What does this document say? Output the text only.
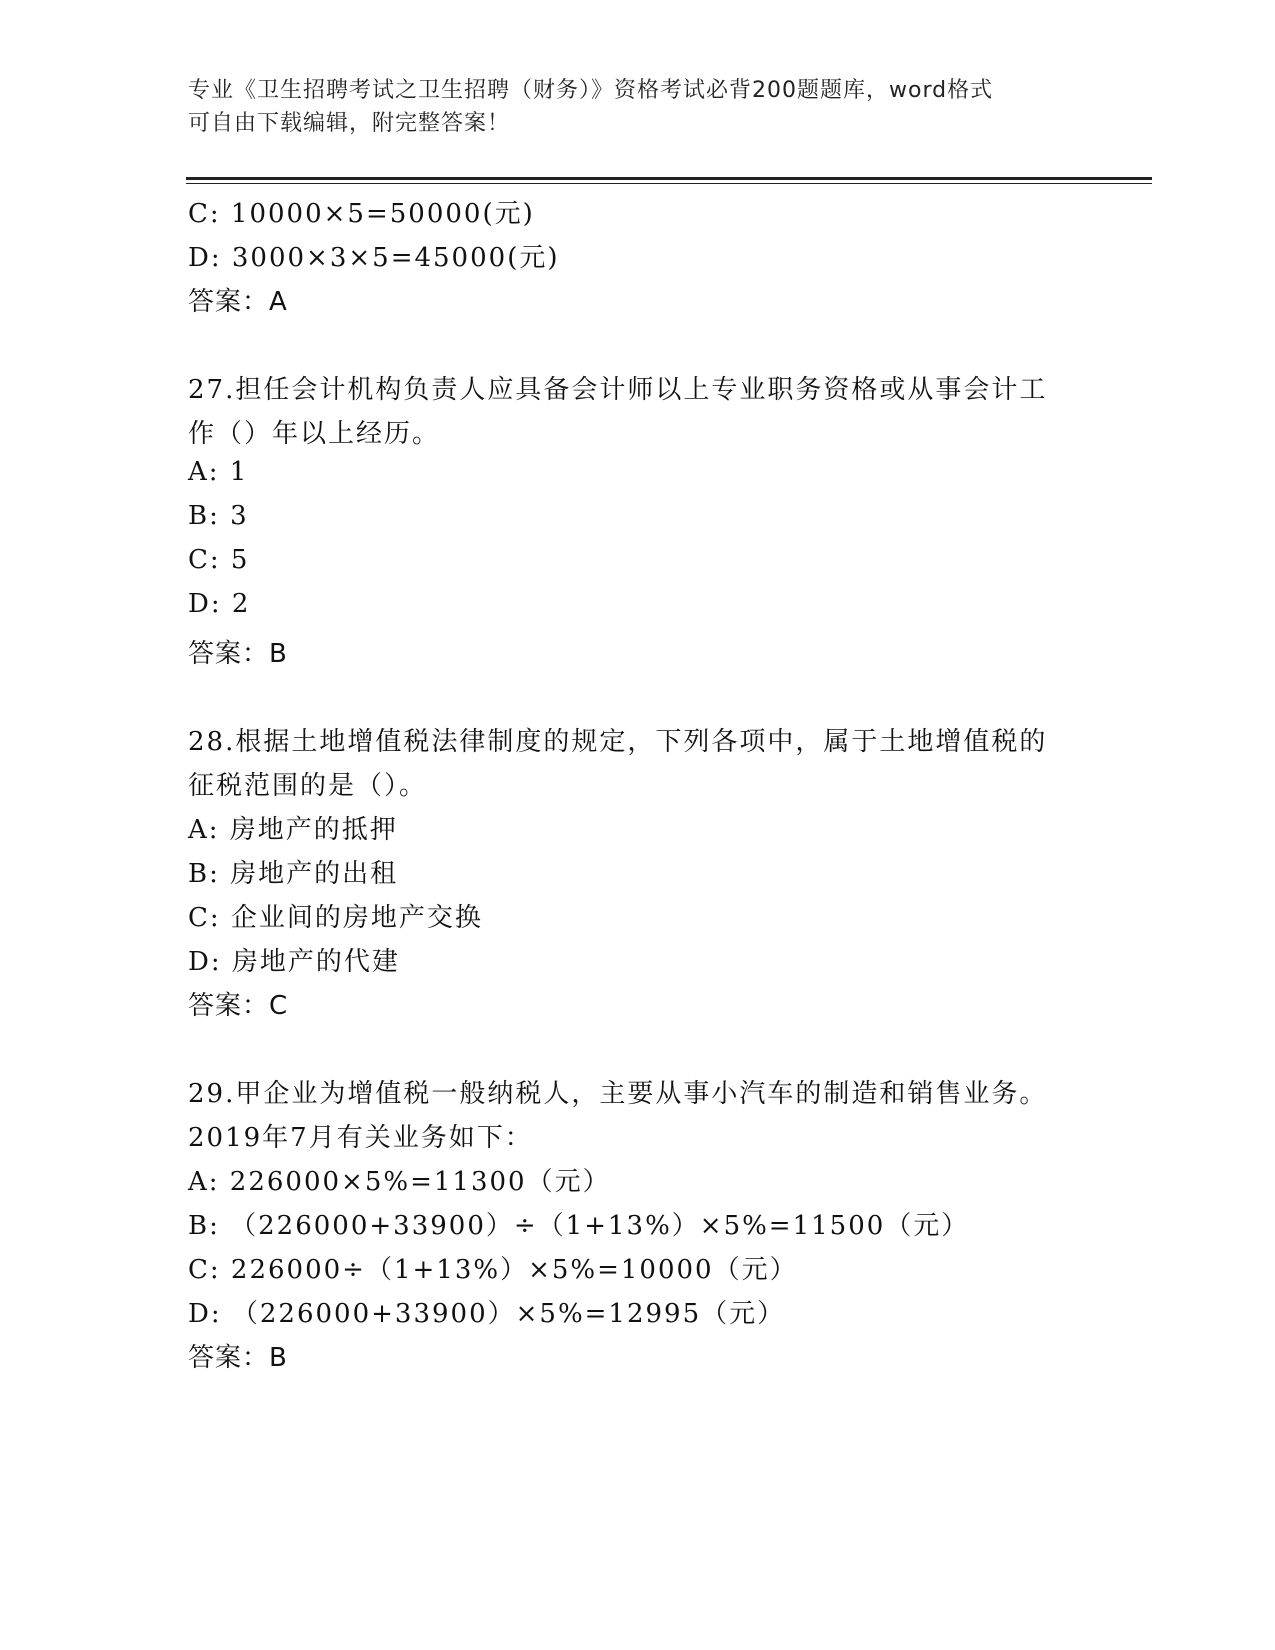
专业《卫生招聘考试之卫生招聘（财务）》资格考试必背200题题库，word格式
可自由下载编辑，附完整答案！
C: 10000×5=50000(元)
D: 3000×3×5=45000(元)
答案：A
27.担任会计机构负责人应具备会计师以上专业职务资格或从事会计工
作（）年以上经历。
A: 1
B: 3
C: 5
D: 2
答案：B
28.根据土地增值税法律制度的规定，下列各项中，属于土地增值税的
征税范围的是（）。
A: 房地产的抵押
B: 房地产的出租
C: 企业间的房地产交换
D: 房地产的代建
答案：C
29.甲企业为增值税一般纳税人，主要从事小汽车的制造和销售业务。
2019年7月有关业务如下：
A: 226000×5%=11300（元）
B: （226000+33900）÷（1+13%）×5%=11500（元）
C: 226000÷（1+13%）×5%=10000（元）
D: （226000+33900）×5%=12995（元）
答案：B
